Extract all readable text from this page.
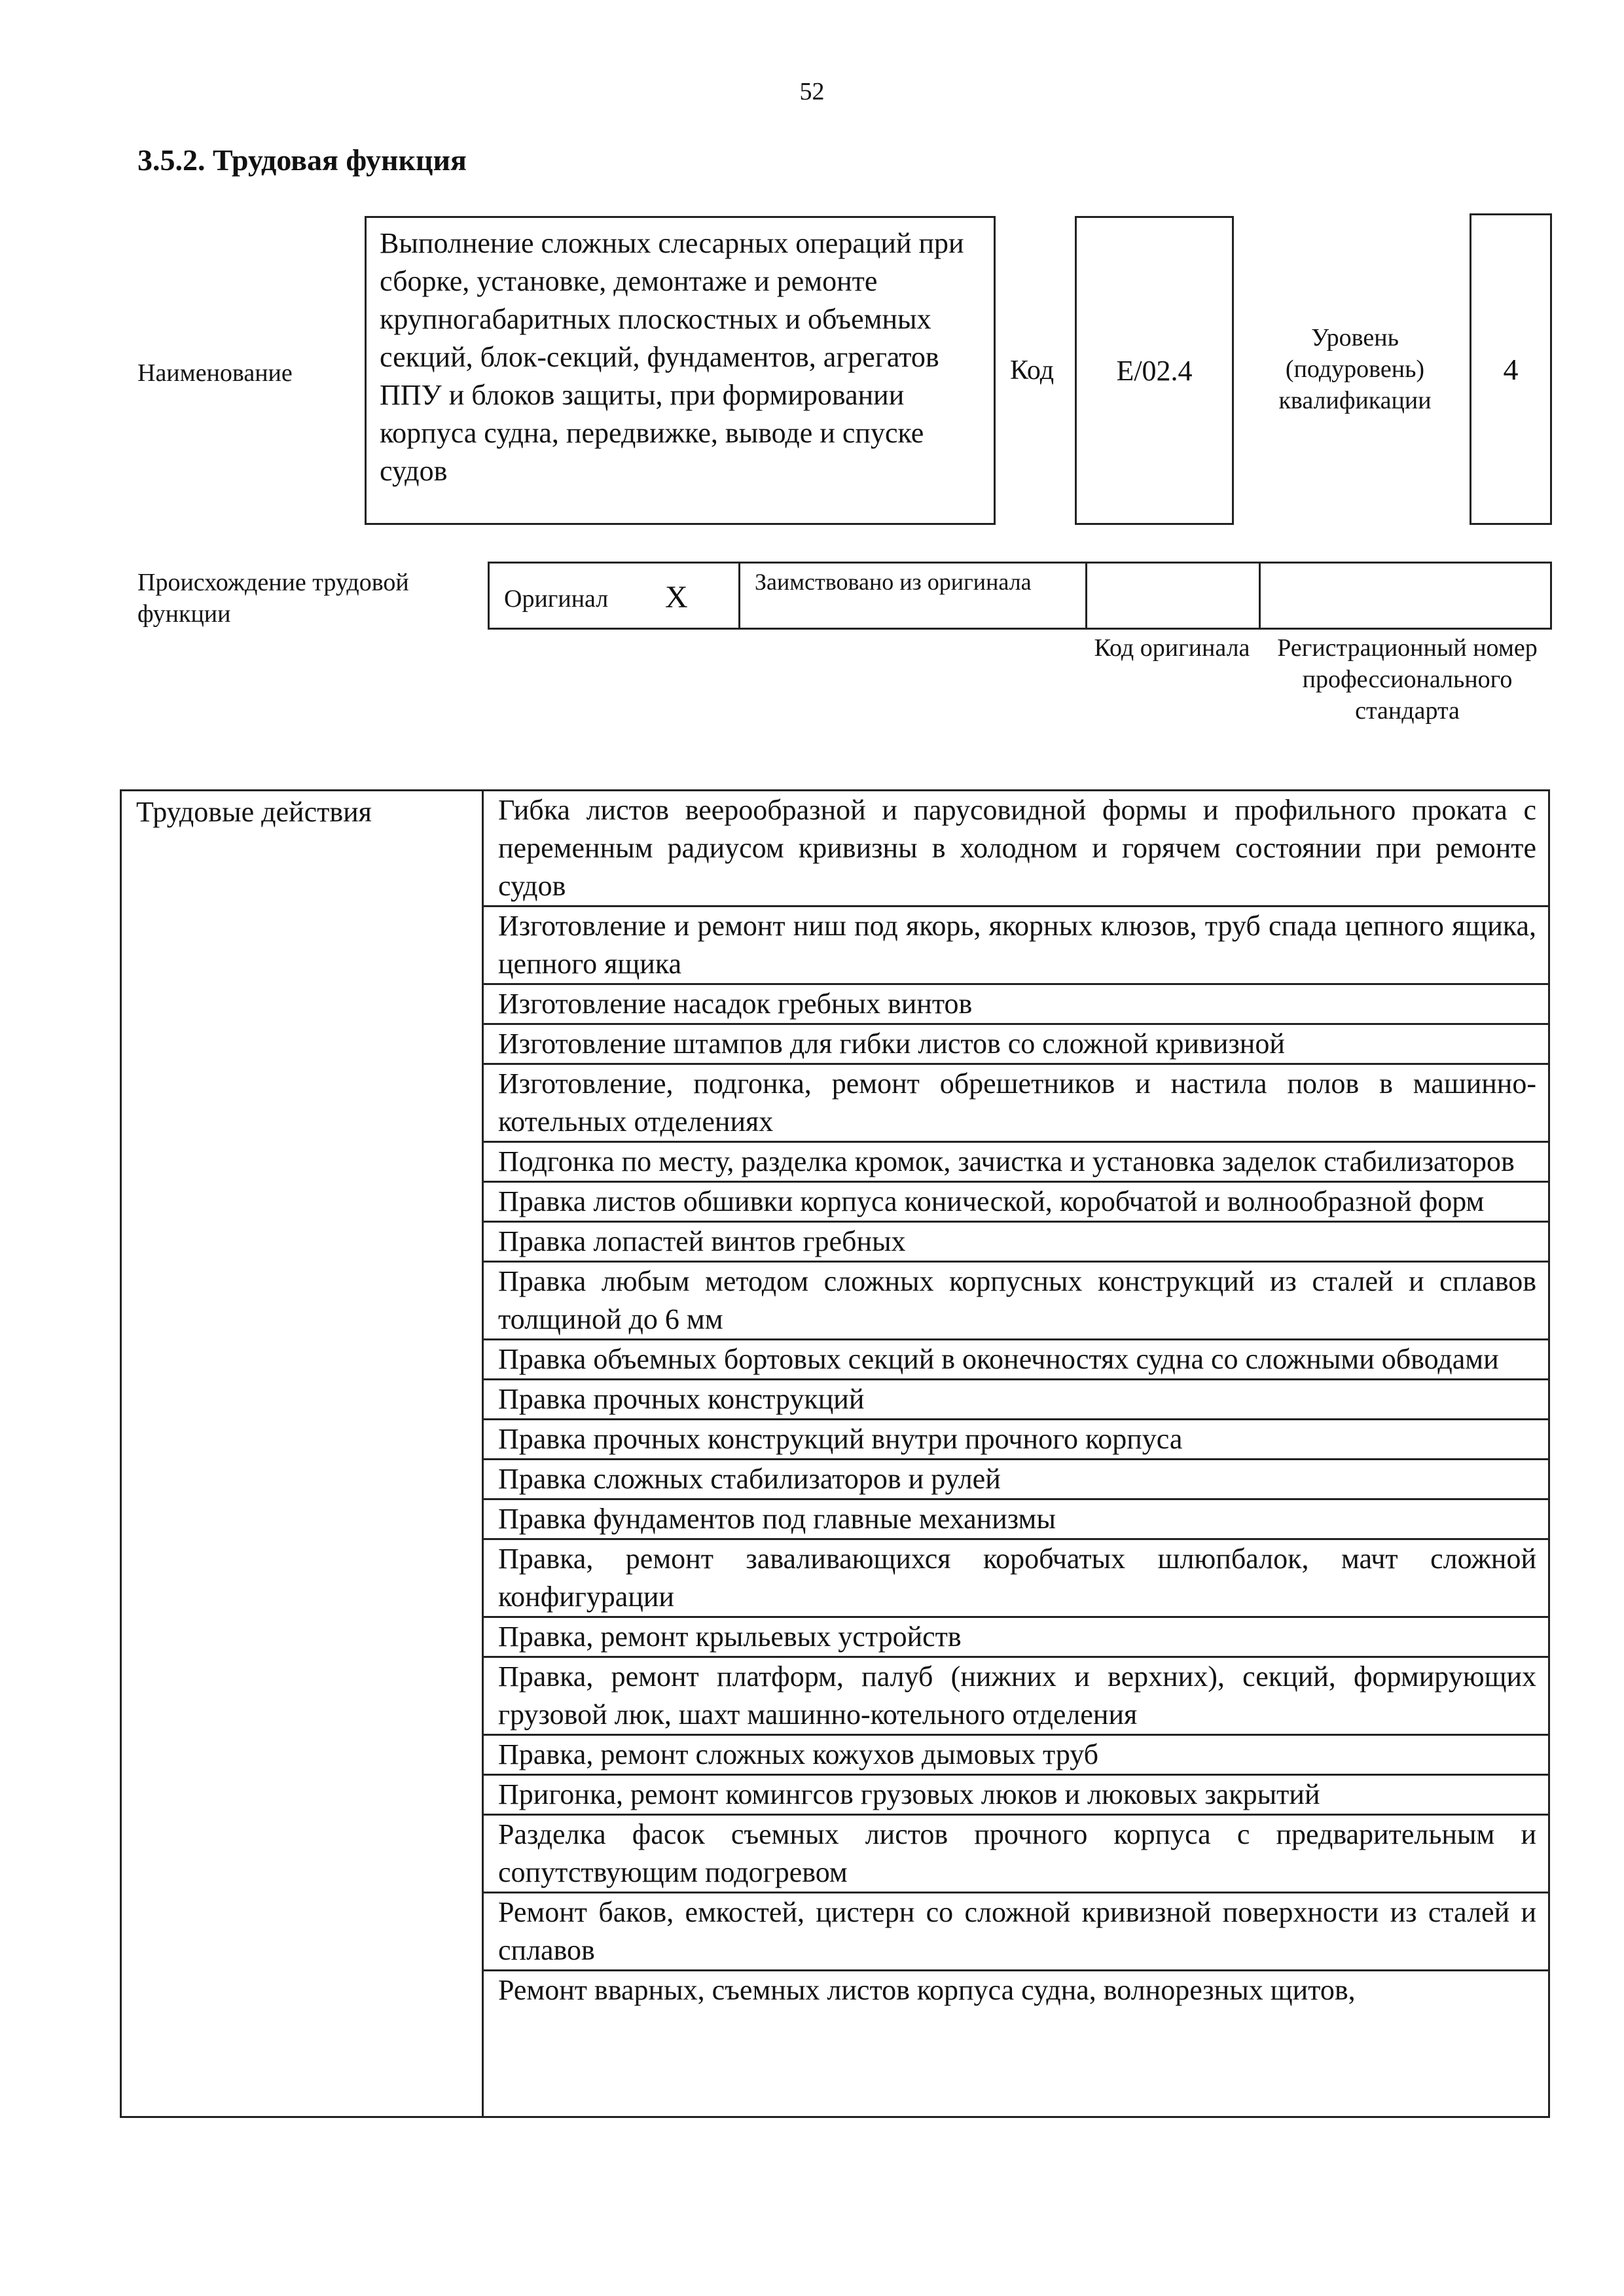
52
3.5.2. Трудовая функция
Наименование
Выполнение сложных слесарных операций при сборке, установке, демонтаже и ремонте крупногабаритных плоскостных и объемных секций, блок-секций, фундаментов, агрегатов ППУ и блоков защиты, при формировании корпуса судна, передвижке, выводе и спуске судов
Код E/02.4
Уровень (подуровень) квалификации
4
Происхождение трудовой функции
Оригинал X	Заимствовано из оригинала
Код оригинала	Регистрационный номер профессионального стандарта
Трудовые действия	Гибка листов веерообразной и парусовидной формы и профильного проката с переменным радиусом кривизны в холодном и горячем состоянии при ремонте судов
Изготовление и ремонт ниш под якорь, якорных клюзов, труб спада цепного ящика, цепного ящика
Изготовление насадок гребных винтов
Изготовление штампов для гибки листов со сложной кривизной
Изготовление, подгонка, ремонт обрешетников и настила полов в машинно-котельных отделениях
Подгонка по месту, разделка кромок, зачистка и установка заделок стабилизаторов
Правка листов обшивки корпуса конической, коробчатой и волнообразной форм
Правка лопастей винтов гребных
Правка любым методом сложных корпусных конструкций из сталей и сплавов толщиной до 6 мм
Правка объемных бортовых секций в оконечностях судна со сложными обводами
Правка прочных конструкций
Правка прочных конструкций внутри прочного корпуса
Правка сложных стабилизаторов и рулей
Правка фундаментов под главные механизмы
Правка, ремонт заваливающихся коробчатых шлюпбалок, мачт сложной конфигурации
Правка, ремонт крыльевых устройств
Правка, ремонт платформ, палуб (нижних и верхних), секций, формирующих грузовой люк, шахт машинно-котельного отделения
Правка, ремонт сложных кожухов дымовых труб
Пригонка, ремонт комингсов грузовых люков и люковых закрытий
Разделка фасок съемных листов прочного корпуса с предварительным и сопутствующим подогревом
Ремонт баков, емкостей, цистерн со сложной кривизной поверхности из сталей и сплавов
Ремонт вварных, съемных листов корпуса судна, волнорезных щитов,
